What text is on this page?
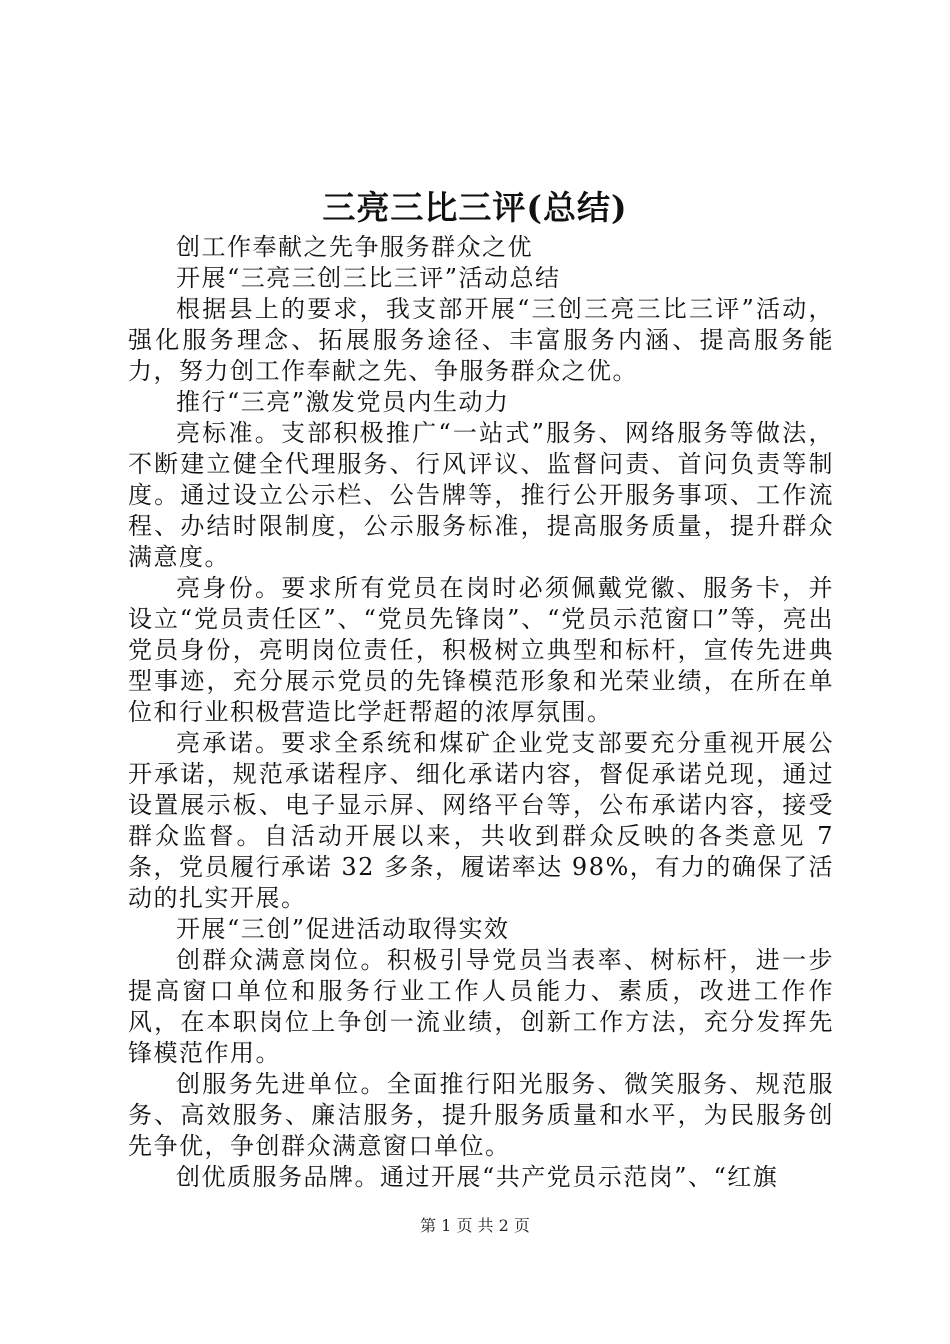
三亮三比三评(总结)

创工作奉献之先争服务群众之优

开展“三亮三创三比三评”活动总结

根据县上的要求，我支部开展“三创三亮三比三评”活动，强化服务理念、拓展服务途径、丰富服务内涵、提高服务能力，努力创工作奉献之先、争服务群众之优。

推行“三亮”激发党员内生动力

亮标准。支部积极推广“一站式”服务、网络服务等做法，不断建立健全代理服务、行风评议、监督问责、首问负责等制度。通过设立公示栏、公告牌等，推行公开服务事项、工作流程、办结时限制度，公示服务标准，提高服务质量，提升群众满意度。

亮身份。要求所有党员在岗时必须佩戴党徽、服务卡，并设立“党员责任区”、“党员先锋岗”、“党员示范窗口”等，亮出党员身份，亮明岗位责任，积极树立典型和标杆，宣传先进典型事迹，充分展示党员的先锋模范形象和光荣业绩，在所在单位和行业积极营造比学赶帮超的浓厚氛围。

亮承诺。要求全系统和煤矿企业党支部要充分重视开展公开承诺，规范承诺程序、细化承诺内容，督促承诺兑现，通过设置展示板、电子显示屏、网络平台等，公布承诺内容，接受群众监督。自活动开展以来，共收到群众反映的各类意见 7 条，党员履行承诺 32 多条，履诺率达 98%，有力的确保了活动的扎实开展。

开展“三创”促进活动取得实效

创群众满意岗位。积极引导党员当表率、树标杆，进一步提高窗口单位和服务行业工作人员能力、素质，改进工作作风，在本职岗位上争创一流业绩，创新工作方法，充分发挥先锋模范作用。

创服务先进单位。全面推行阳光服务、微笑服务、规范服务、高效服务、廉洁服务，提升服务质量和水平，为民服务创先争优，争创群众满意窗口单位。

创优质服务品牌。通过开展“共产党员示范岗”、“红旗

第 1 页 共 2 页
